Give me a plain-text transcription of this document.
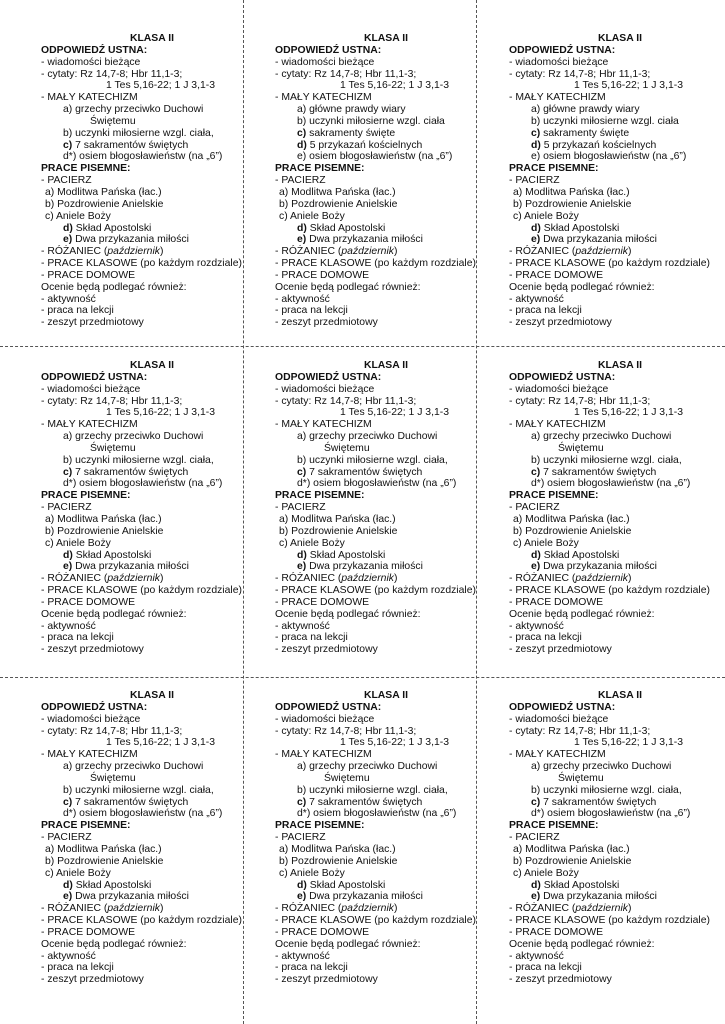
KLASA II
ODPOWIEDŹ USTNA:
- wiadomości bieżące
- cytaty: Rz 14,7-8; Hbr 11,1-3;
1 Tes 5,16-22; 1 J 3,1-3
- MAŁY KATECHIZM
a) grzechy przeciwko Duchowi
Świętemu
b) uczynki miłosierne wzgl. ciała,
c) 7 sakramentów świętych
d*) osiem błogosławieństw (na „6”)
PRACE PISEMNE:
- PACIERZ
a) Modlitwa Pańska (łac.)
b) Pozdrowienie Anielskie
c) Aniele Boży
d) Skład Apostolski
e) Dwa przykazania miłości
- RÓŻANIEC (październik)
- PRACE KLASOWE (po każdym rozdziale)
- PRACE DOMOWE
Ocenie będą podlegać również:
- aktywność
- praca na lekcji
- zeszyt przedmiotowy
KLASA II
ODPOWIEDŹ USTNA:
- wiadomości bieżące
- cytaty: Rz 14,7-8; Hbr 11,1-3;
1 Tes 5,16-22; 1 J 3,1-3
- MAŁY KATECHIZM
a) główne prawdy wiary
b) uczynki miłosierne wzgl. ciała
c) sakramenty święte
d) 5 przykazań kościelnych
e) osiem błogosławieństw (na „6”)
PRACE PISEMNE:
- PACIERZ
a) Modlitwa Pańska (łac.)
b) Pozdrowienie Anielskie
c) Aniele Boży
d) Skład Apostolski
e) Dwa przykazania miłości
- RÓŻANIEC (październik)
- PRACE KLASOWE (po każdym rozdziale)
- PRACE DOMOWE
Ocenie będą podlegać również:
- aktywność
- praca na lekcji
- zeszyt przedmiotowy
KLASA II
ODPOWIEDŹ USTNA:
- wiadomości bieżące
- cytaty: Rz 14,7-8; Hbr 11,1-3;
1 Tes 5,16-22; 1 J 3,1-3
- MAŁY KATECHIZM
a) główne prawdy wiary
b) uczynki miłosierne wzgl. ciała
c) sakramenty święte
d) 5 przykazań kościelnych
e) osiem błogosławieństw (na „6”)
PRACE PISEMNE:
- PACIERZ
a) Modlitwa Pańska (łac.)
b) Pozdrowienie Anielskie
c) Aniele Boży
d) Skład Apostolski
e) Dwa przykazania miłości
- RÓŻANIEC (październik)
- PRACE KLASOWE (po każdym rozdziale)
- PRACE DOMOWE
Ocenie będą podlegać również:
- aktywność
- praca na lekcji
- zeszyt przedmiotowy
KLASA II
ODPOWIEDŹ USTNA:
- wiadomości bieżące
- cytaty: Rz 14,7-8; Hbr 11,1-3;
1 Tes 5,16-22; 1 J 3,1-3
- MAŁY KATECHIZM
a) grzechy przeciwko Duchowi
Świętemu
b) uczynki miłosierne wzgl. ciała,
c) 7 sakramentów świętych
d*) osiem błogosławieństw (na „6”)
PRACE PISEMNE:
- PACIERZ
a) Modlitwa Pańska (łac.)
b) Pozdrowienie Anielskie
c) Aniele Boży
d) Skład Apostolski
e) Dwa przykazania miłości
- RÓŻANIEC (październik)
- PRACE KLASOWE (po każdym rozdziale)
- PRACE DOMOWE
Ocenie będą podlegać również:
- aktywność
- praca na lekcji
- zeszyt przedmiotowy
KLASA II
ODPOWIEDŹ USTNA:
- wiadomości bieżące
- cytaty: Rz 14,7-8; Hbr 11,1-3;
1 Tes 5,16-22; 1 J 3,1-3
- MAŁY KATECHIZM
a) grzechy przeciwko Duchowi
Świętemu
b) uczynki miłosierne wzgl. ciała,
c) 7 sakramentów świętych
d*) osiem błogosławieństw (na „6”)
PRACE PISEMNE:
- PACIERZ
a) Modlitwa Pańska (łac.)
b) Pozdrowienie Anielskie
c) Aniele Boży
d) Skład Apostolski
e) Dwa przykazania miłości
- RÓŻANIEC (październik)
- PRACE KLASOWE (po każdym rozdziale)
- PRACE DOMOWE
Ocenie będą podlegać również:
- aktywność
- praca na lekcji
- zeszyt przedmiotowy
KLASA II
ODPOWIEDŹ USTNA:
- wiadomości bieżące
- cytaty: Rz 14,7-8; Hbr 11,1-3;
1 Tes 5,16-22; 1 J 3,1-3
- MAŁY KATECHIZM
a) grzechy przeciwko Duchowi
Świętemu
b) uczynki miłosierne wzgl. ciała,
c) 7 sakramentów świętych
d*) osiem błogosławieństw (na „6”)
PRACE PISEMNE:
- PACIERZ
a) Modlitwa Pańska (łac.)
b) Pozdrowienie Anielskie
c) Aniele Boży
d) Skład Apostolski
e) Dwa przykazania miłości
- RÓŻANIEC (październik)
- PRACE KLASOWE (po każdym rozdziale)
- PRACE DOMOWE
Ocenie będą podlegać również:
- aktywność
- praca na lekcji
- zeszyt przedmiotowy
KLASA II
ODPOWIEDŹ USTNA:
- wiadomości bieżące
- cytaty: Rz 14,7-8; Hbr 11,1-3;
1 Tes 5,16-22; 1 J 3,1-3
- MAŁY KATECHIZM
a) grzechy przeciwko Duchowi
Świętemu
b) uczynki miłosierne wzgl. ciała,
c) 7 sakramentów świętych
d*) osiem błogosławieństw (na „6”)
PRACE PISEMNE:
- PACIERZ
a) Modlitwa Pańska (łac.)
b) Pozdrowienie Anielskie
c) Aniele Boży
d) Skład Apostolski
e) Dwa przykazania miłości
- RÓŻANIEC (październik)
- PRACE KLASOWE (po każdym rozdziale)
- PRACE DOMOWE
Ocenie będą podlegać również:
- aktywność
- praca na lekcji
- zeszyt przedmiotowy
KLASA II
ODPOWIEDŹ USTNA:
- wiadomości bieżące
- cytaty: Rz 14,7-8; Hbr 11,1-3;
1 Tes 5,16-22; 1 J 3,1-3
- MAŁY KATECHIZM
a) grzechy przeciwko Duchowi
Świętemu
b) uczynki miłosierne wzgl. ciała,
c) 7 sakramentów świętych
d*) osiem błogosławieństw (na „6”)
PRACE PISEMNE:
- PACIERZ
a) Modlitwa Pańska (łac.)
b) Pozdrowienie Anielskie
c) Aniele Boży
d) Skład Apostolski
e) Dwa przykazania miłości
- RÓŻANIEC (październik)
- PRACE KLASOWE (po każdym rozdziale)
- PRACE DOMOWE
Ocenie będą podlegać również:
- aktywność
- praca na lekcji
- zeszyt przedmiotowy
KLASA II
ODPOWIEDŹ USTNA:
- wiadomości bieżące
- cytaty: Rz 14,7-8; Hbr 11,1-3;
1 Tes 5,16-22; 1 J 3,1-3
- MAŁY KATECHIZM
a) grzechy przeciwko Duchowi
Świętemu
b) uczynki miłosierne wzgl. ciała,
c) 7 sakramentów świętych
d*) osiem błogosławieństw (na „6”)
PRACE PISEMNE:
- PACIERZ
a) Modlitwa Pańska (łac.)
b) Pozdrowienie Anielskie
c) Aniele Boży
d) Skład Apostolski
e) Dwa przykazania miłości
- RÓŻANIEC (październik)
- PRACE KLASOWE (po każdym rozdziale)
- PRACE DOMOWE
Ocenie będą podlegać również:
- aktywność
- praca na lekcji
- zeszyt przedmiotowy
